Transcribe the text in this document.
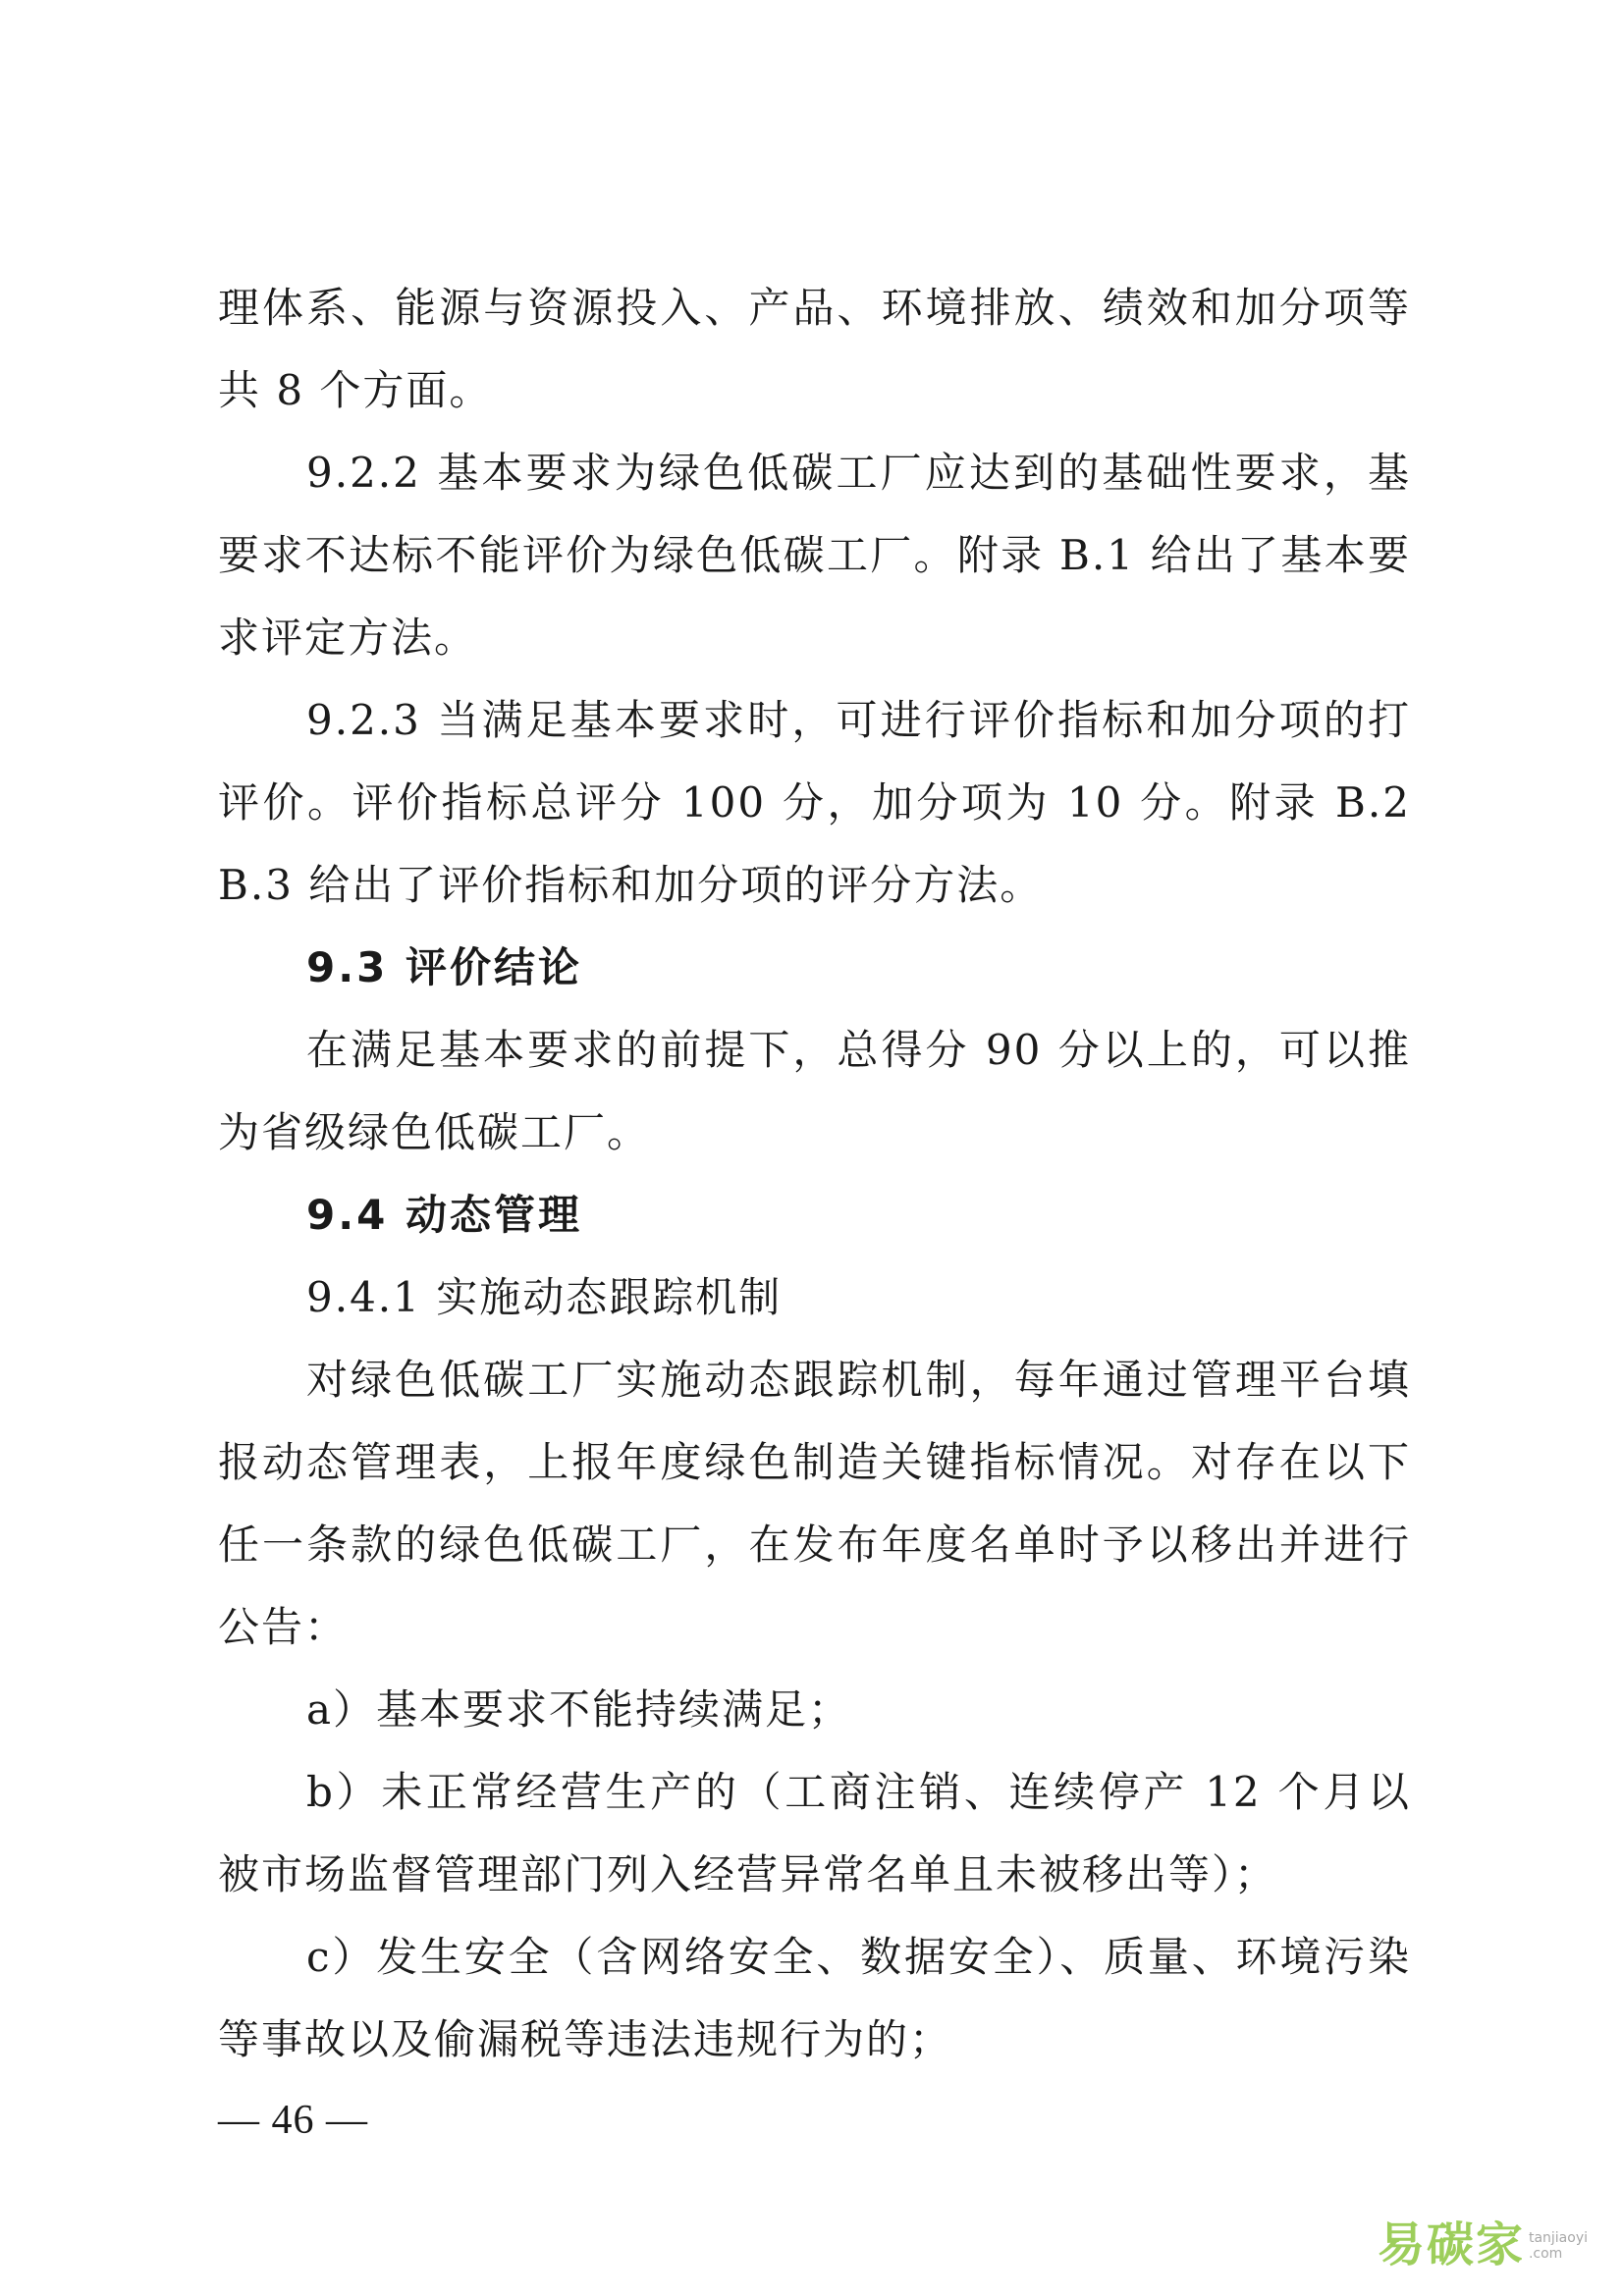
理体系、能源与资源投入、产品、环境排放、绩效和加分项等

共 8 个方面。

9.2.2 基本要求为绿色低碳工厂应达到的基础性要求，基

要求不达标不能评价为绿色低碳工厂。附录 B.1 给出了基本要

求评定方法。

9.2.3 当满足基本要求时，可进行评价指标和加分项的打

评价。评价指标总评分 100 分，加分项为 10 分。附录 B.2

B.3 给出了评价指标和加分项的评分方法。

9.3 评价结论

在满足基本要求的前提下，总得分 90 分以上的，可以推

为省级绿色低碳工厂。

9.4 动态管理

9.4.1 实施动态跟踪机制

对绿色低碳工厂实施动态跟踪机制，每年通过管理平台填

报动态管理表，上报年度绿色制造关键指标情况。对存在以下

任一条款的绿色低碳工厂，在发布年度名单时予以移出并进行

公告：

a）基本要求不能持续满足；

b）未正常经营生产的（工商注销、连续停产 12 个月以

被市场监督管理部门列入经营异常名单且未被移出等）；

c）发生安全（含网络安全、数据安全）、质量、环境污染

等事故以及偷漏税等违法违规行为的；

— 46 —
易碳家 tanjiaoyi
.com
